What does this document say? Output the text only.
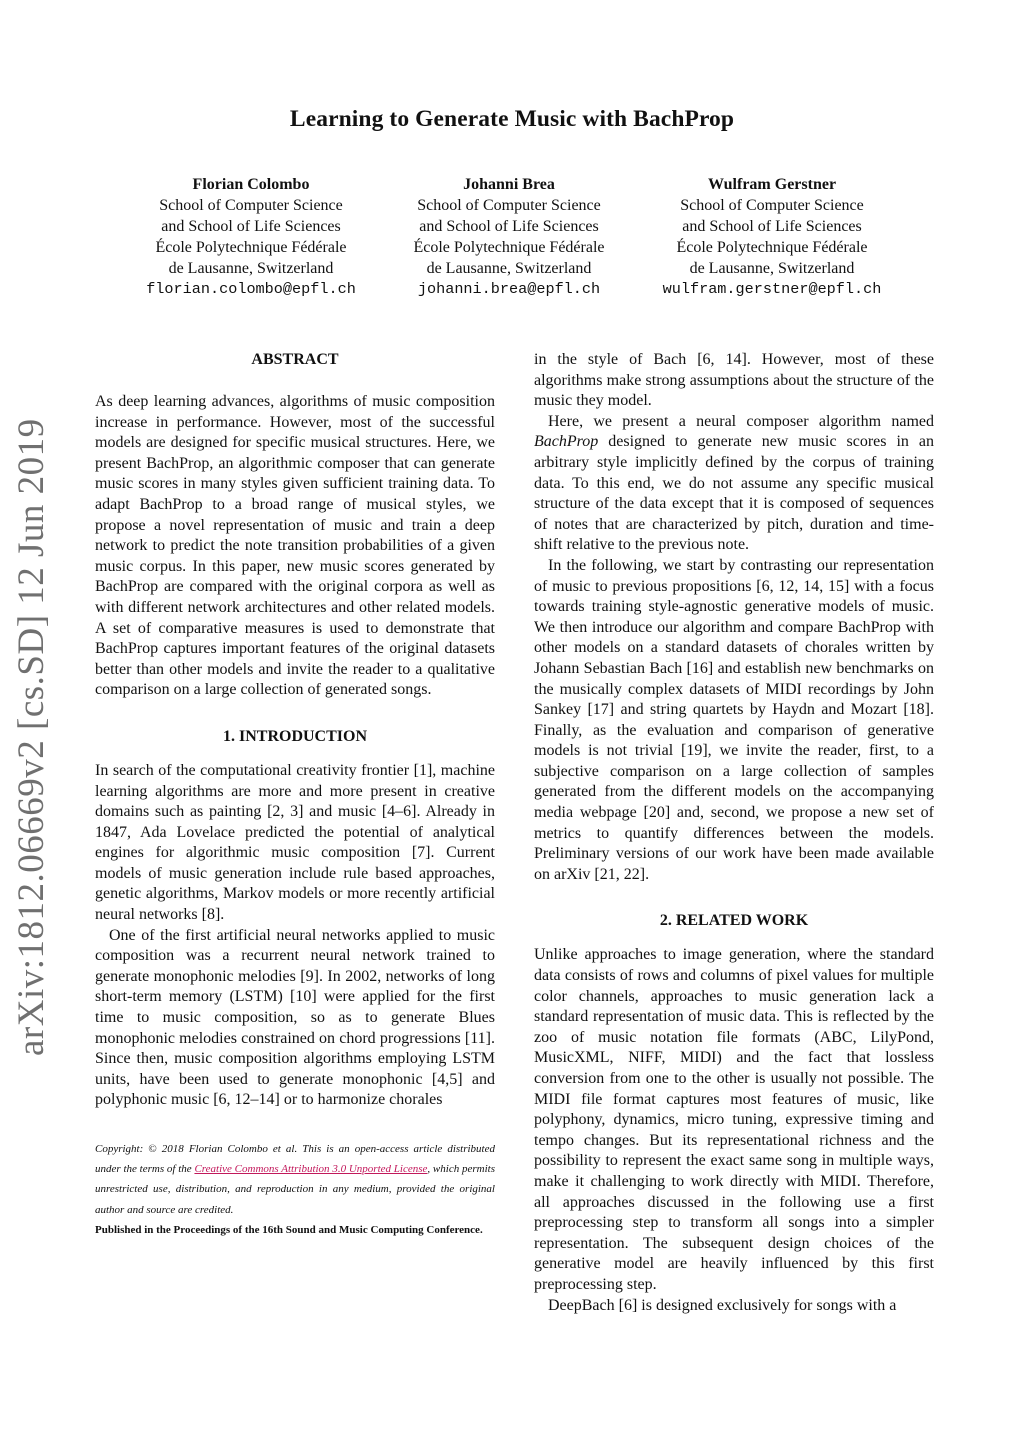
Learning to Generate Music with BachProp
Florian Colombo
School of Computer Science
and School of Life Sciences
École Polytechnique Fédérale
de Lausanne, Switzerland
florian.colombo@epfl.ch
Johanni Brea
School of Computer Science
and School of Life Sciences
École Polytechnique Fédérale
de Lausanne, Switzerland
johanni.brea@epfl.ch
Wulfram Gerstner
School of Computer Science
and School of Life Sciences
École Polytechnique Fédérale
de Lausanne, Switzerland
wulfram.gerstner@epfl.ch
arXiv:1812.06669v2 [cs.SD] 12 Jun 2019
ABSTRACT

As deep learning advances, algorithms of music composition increase in performance. However, most of the successful models are designed for specific musical structures. Here, we present BachProp, an algorithmic composer that can generate music scores in many styles given sufficient training data. To adapt BachProp to a broad range of musical styles, we propose a novel representation of music and train a deep network to predict the note transition probabilities of a given music corpus. In this paper, new music scores generated by BachProp are compared with the original corpora as well as with different network architectures and other related models. A set of comparative measures is used to demonstrate that BachProp captures important features of the original datasets better than other models and invite the reader to a qualitative comparison on a large collection of generated songs.

1. INTRODUCTION

In search of the computational creativity frontier [1], machine learning algorithms are more and more present in creative domains such as painting [2, 3] and music [4–6]. Already in 1847, Ada Lovelace predicted the potential of analytical engines for algorithmic music composition [7]. Current models of music generation include rule based approaches, genetic algorithms, Markov models or more recently artificial neural networks [8].

One of the first artificial neural networks applied to music composition was a recurrent neural network trained to generate monophonic melodies [9]. In 2002, networks of long short-term memory (LSTM) [10] were applied for the first time to music composition, so as to generate Blues monophonic melodies constrained on chord progressions [11]. Since then, music composition algorithms employing LSTM units, have been used to generate monophonic [4,5] and polyphonic music [6, 12–14] or to harmonize chorales

Copyright: © 2018 Florian Colombo et al. This is an open-access article distributed under the terms of the Creative Commons Attribution 3.0 Unported License, which permits unrestricted use, distribution, and reproduction in any medium, provided the original author and source are credited.

Published in the Proceedings of the 16th Sound and Music Computing Conference.

in the style of Bach [6, 14]. However, most of these algorithms make strong assumptions about the structure of the music they model.

Here, we present a neural composer algorithm named BachProp designed to generate new music scores in an arbitrary style implicitly defined by the corpus of training data. To this end, we do not assume any specific musical structure of the data except that it is composed of sequences of notes that are characterized by pitch, duration and time-shift relative to the previous note.

In the following, we start by contrasting our representation of music to previous propositions [6, 12, 14, 15] with a focus towards training style-agnostic generative models of music. We then introduce our algorithm and compare BachProp with other models on a standard datasets of chorales written by Johann Sebastian Bach [16] and establish new benchmarks on the musically complex datasets of MIDI recordings by John Sankey [17] and string quartets by Haydn and Mozart [18]. Finally, as the evaluation and comparison of generative models is not trivial [19], we invite the reader, first, to a subjective comparison on a large collection of samples generated from the different models on the accompanying media webpage [20] and, second, we propose a new set of metrics to quantify differences between the models. Preliminary versions of our work have been made available on arXiv [21, 22].

2. RELATED WORK

Unlike approaches to image generation, where the standard data consists of rows and columns of pixel values for multiple color channels, approaches to music generation lack a standard representation of music data. This is reflected by the zoo of music notation file formats (ABC, LilyPond, MusicXML, NIFF, MIDI) and the fact that lossless conversion from one to the other is usually not possible. The MIDI file format captures most features of music, like polyphony, dynamics, micro tuning, expressive timing and tempo changes. But its representational richness and the possibility to represent the exact same song in multiple ways, make it challenging to work directly with MIDI. Therefore, all approaches discussed in the following use a first preprocessing step to transform all songs into a simpler representation. The subsequent design choices of the generative model are heavily influenced by this first preprocessing step.

DeepBach [6] is designed exclusively for songs with a
